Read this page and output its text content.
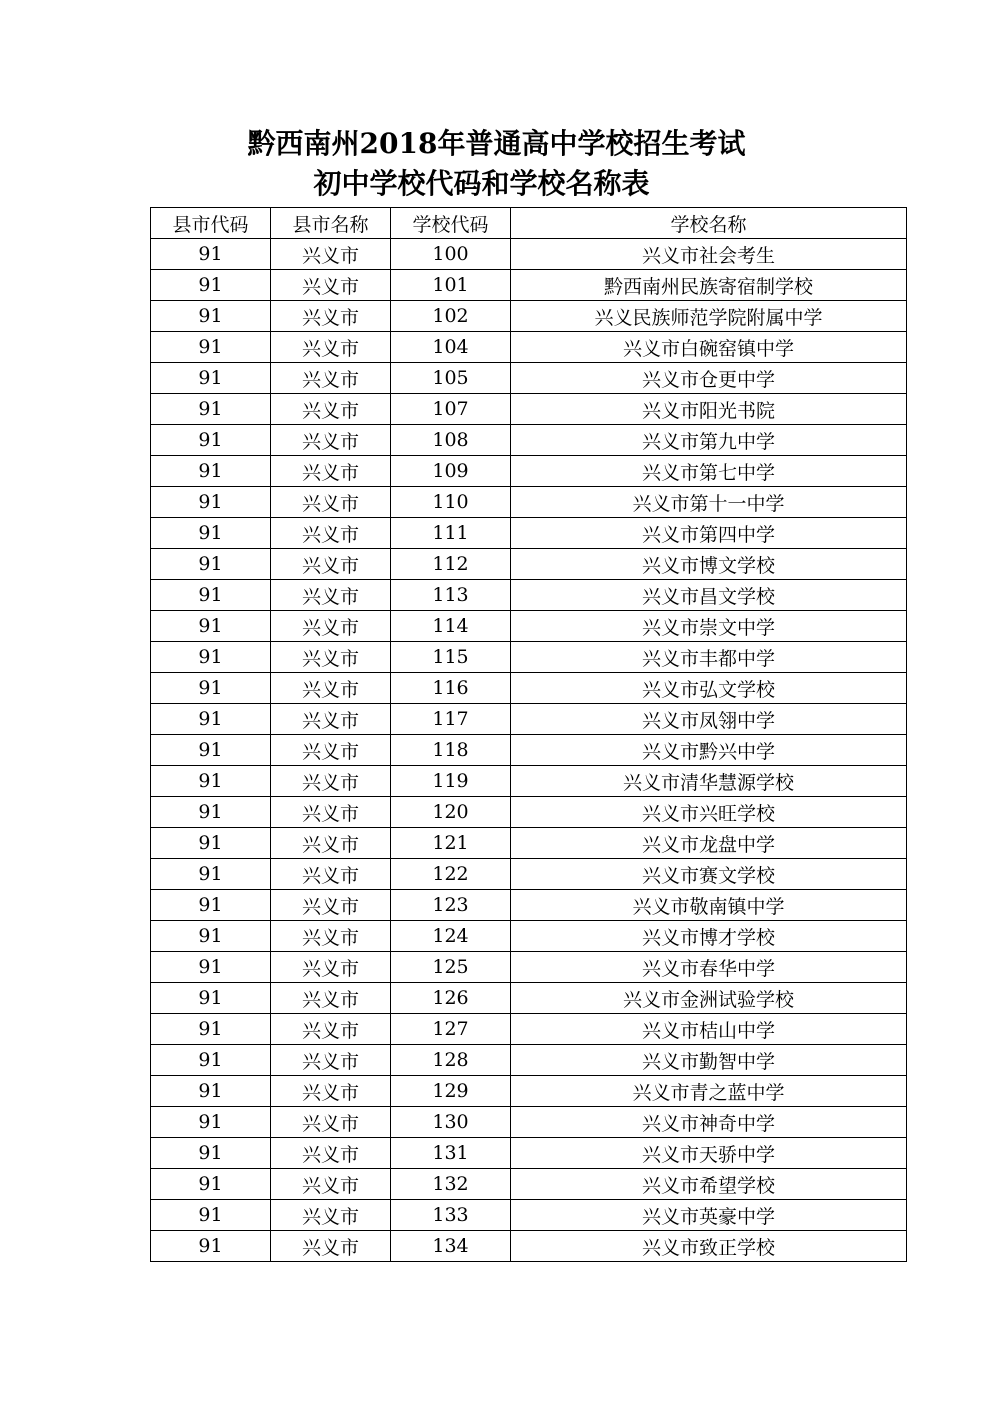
黔西南州2018年普通高中学校招生考试

初中学校代码和学校名称表

县市代码	县市名称	学校代码	学校名称
91	兴义市	100	兴义市社会考生
91	兴义市	101	黔西南州民族寄宿制学校
91	兴义市	102	兴义民族师范学院附属中学
91	兴义市	104	兴义市白碗窑镇中学
91	兴义市	105	兴义市仓更中学
91	兴义市	107	兴义市阳光书院
91	兴义市	108	兴义市第九中学
91	兴义市	109	兴义市第七中学
91	兴义市	110	兴义市第十一中学
91	兴义市	111	兴义市第四中学
91	兴义市	112	兴义市博文学校
91	兴义市	113	兴义市昌文学校
91	兴义市	114	兴义市崇文中学
91	兴义市	115	兴义市丰都中学
91	兴义市	116	兴义市弘文学校
91	兴义市	117	兴义市凤翎中学
91	兴义市	118	兴义市黔兴中学
91	兴义市	119	兴义市清华慧源学校
91	兴义市	120	兴义市兴旺学校
91	兴义市	121	兴义市龙盘中学
91	兴义市	122	兴义市赛文学校
91	兴义市	123	兴义市敬南镇中学
91	兴义市	124	兴义市博才学校
91	兴义市	125	兴义市春华中学
91	兴义市	126	兴义市金洲试验学校
91	兴义市	127	兴义市桔山中学
91	兴义市	128	兴义市勤智中学
91	兴义市	129	兴义市青之蓝中学
91	兴义市	130	兴义市神奇中学
91	兴义市	131	兴义市天骄中学
91	兴义市	132	兴义市希望学校
91	兴义市	133	兴义市英豪中学
91	兴义市	134	兴义市致正学校
